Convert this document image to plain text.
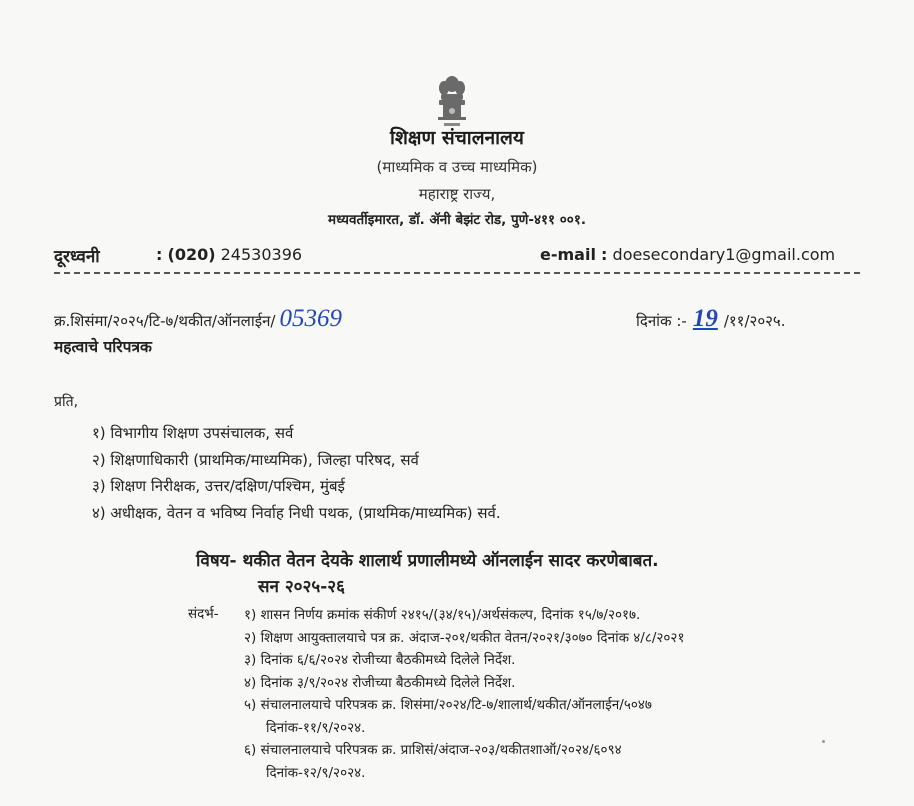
शिक्षण संचालनालय
(माध्यमिक व उच्च माध्यमिक)
महाराष्ट्र राज्य,
मध्यवर्तीइमारत, डॉ. ॲनी बेझंट रोड, पुणे-४११ ००१.
दूरध्वनी	: (020) 24530396	e-mail : doesecondary1@gmail.com
क्र.शिसंमा/२०२५/टि-७/थकीत/ऑनलाईन/ 05369	दिनांक :- 19 /११/२०२५.
महत्वाचे परिपत्रक
प्रति,
१) विभागीय शिक्षण उपसंचालक, सर्व
२) शिक्षणाधिकारी (प्राथमिक/माध्यमिक), जिल्हा परिषद, सर्व
३) शिक्षण निरीक्षक, उत्तर/दक्षिण/पश्चिम, मुंबई
४) अधीक्षक, वेतन व भविष्य निर्वाह निधी पथक, (प्राथमिक/माध्यमिक) सर्व.
विषय- थकीत वेतन देयके शालार्थ प्रणालीमध्ये ऑनलाईन सादर करणेबाबत.
सन २०२५-२६
संदर्भ- १) शासन निर्णय क्रमांक संकीर्ण २४१५/(३४/१५)/अर्थसंकल्प, दिनांक १५/७/२०१७.
२) शिक्षण आयुक्तालयाचे पत्र क्र. अंदाज-२०१/थकीत वेतन/२०२१/३०७० दिनांक ४/८/२०२१
३) दिनांक ६/६/२०२४ रोजीच्या बैठकीमध्ये दिलेले निर्देश.
४) दिनांक ३/९/२०२४ रोजीच्या बैठकीमध्ये दिलेले निर्देश.
५) संचालनालयाचे परिपत्रक क्र. शिसंमा/२०२४/टि-७/शालार्थ/थकीत/ऑनलाईन/५०४७
दिनांक-११/९/२०२४.
६) संचालनालयाचे परिपत्रक क्र. प्राशिसं/अंदाज-२०३/थकीतशाऑ/२०२४/६०९४
दिनांक-१२/९/२०२४.
